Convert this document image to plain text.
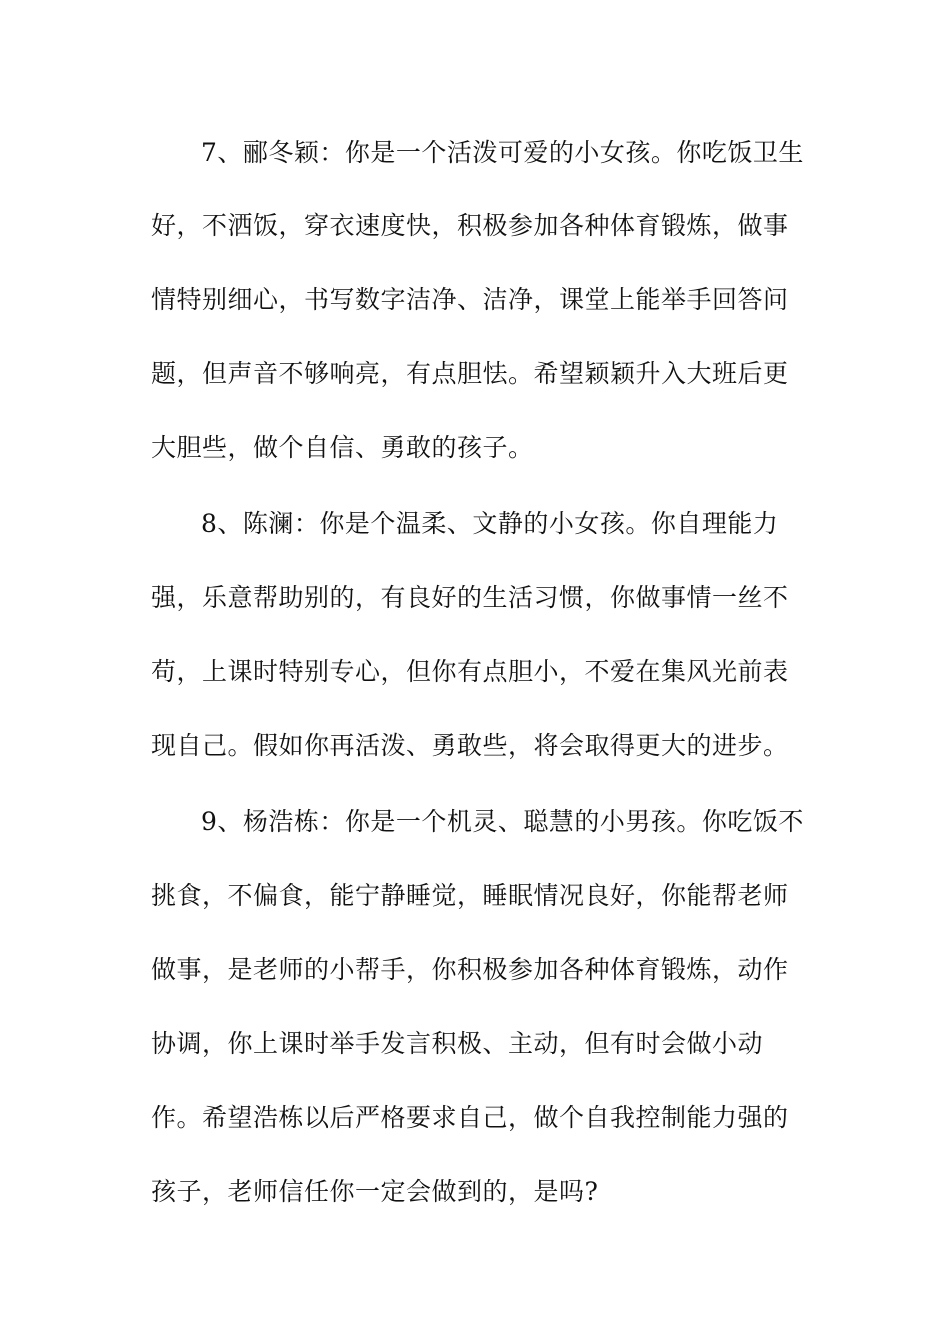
7、郦冬颖：你是一个活泼可爱的小女孩。你吃饭卫生
好，不洒饭，穿衣速度快，积极参加各种体育锻炼，做事
情特别细心，书写数字洁净、洁净，课堂上能举手回答问
题，但声音不够响亮，有点胆怯。希望颖颖升入大班后更
大胆些，做个自信、勇敢的孩子。
8、陈澜：你是个温柔、文静的小女孩。你自理能力
强，乐意帮助别的，有良好的生活习惯，你做事情一丝不
苟，上课时特别专心，但你有点胆小，不爱在集风光前表
现自己。假如你再活泼、勇敢些，将会取得更大的进步。
9、杨浩栋：你是一个机灵、聪慧的小男孩。你吃饭不
挑食，不偏食，能宁静睡觉，睡眠情况良好，你能帮老师
做事，是老师的小帮手，你积极参加各种体育锻炼，动作
协调，你上课时举手发言积极、主动，但有时会做小动
作。希望浩栋以后严格要求自己，做个自我控制能力强的
孩子，老师信任你一定会做到的，是吗?
